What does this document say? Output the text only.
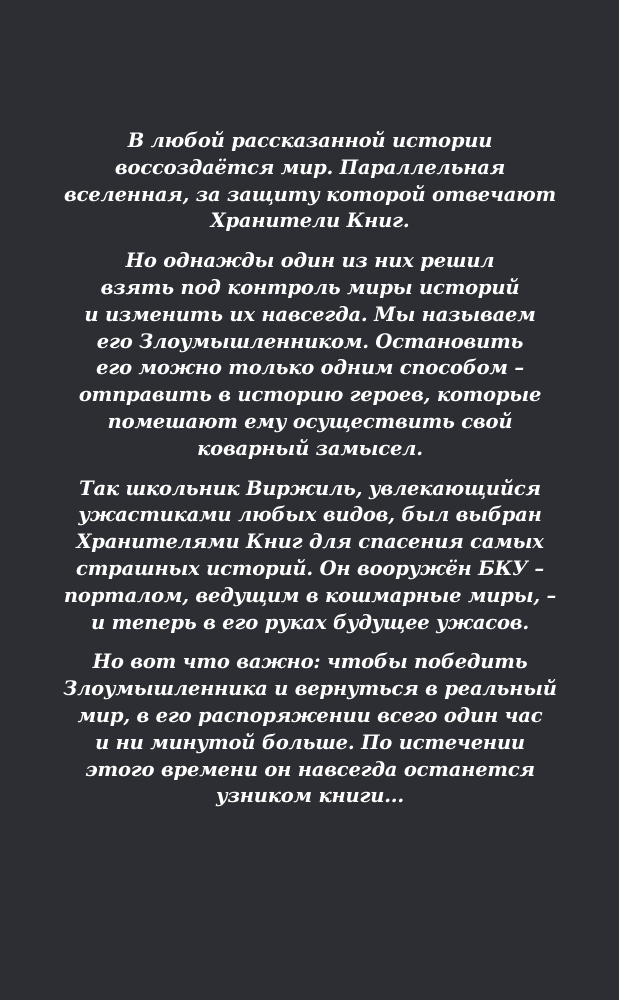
В любой рассказанной истории
воссоздаётся мир. Параллельная
вселенная, за защиту которой отвечают
Хранители Книг.

Но однажды один из них решил
взять под контроль миры историй
и изменить их навсегда. Мы называем
его Злоумышленником. Остановить
его можно только одним способом –
отправить в историю героев, которые
помешают ему осуществить свой
коварный замысел.

Так школьник Виржиль, увлекающийся
ужастиками любых видов, был выбран
Хранителями Книг для спасения самых
страшных историй. Он вооружён БКУ –
порталом, ведущим в кошмарные миры, –
и теперь в его руках будущее ужасов.

Но вот что важно: чтобы победить
Злоумышленника и вернуться в реальный
мир, в его распоряжении всего один час
и ни минутой больше. По истечении
этого времени он навсегда останется
узником книги...
